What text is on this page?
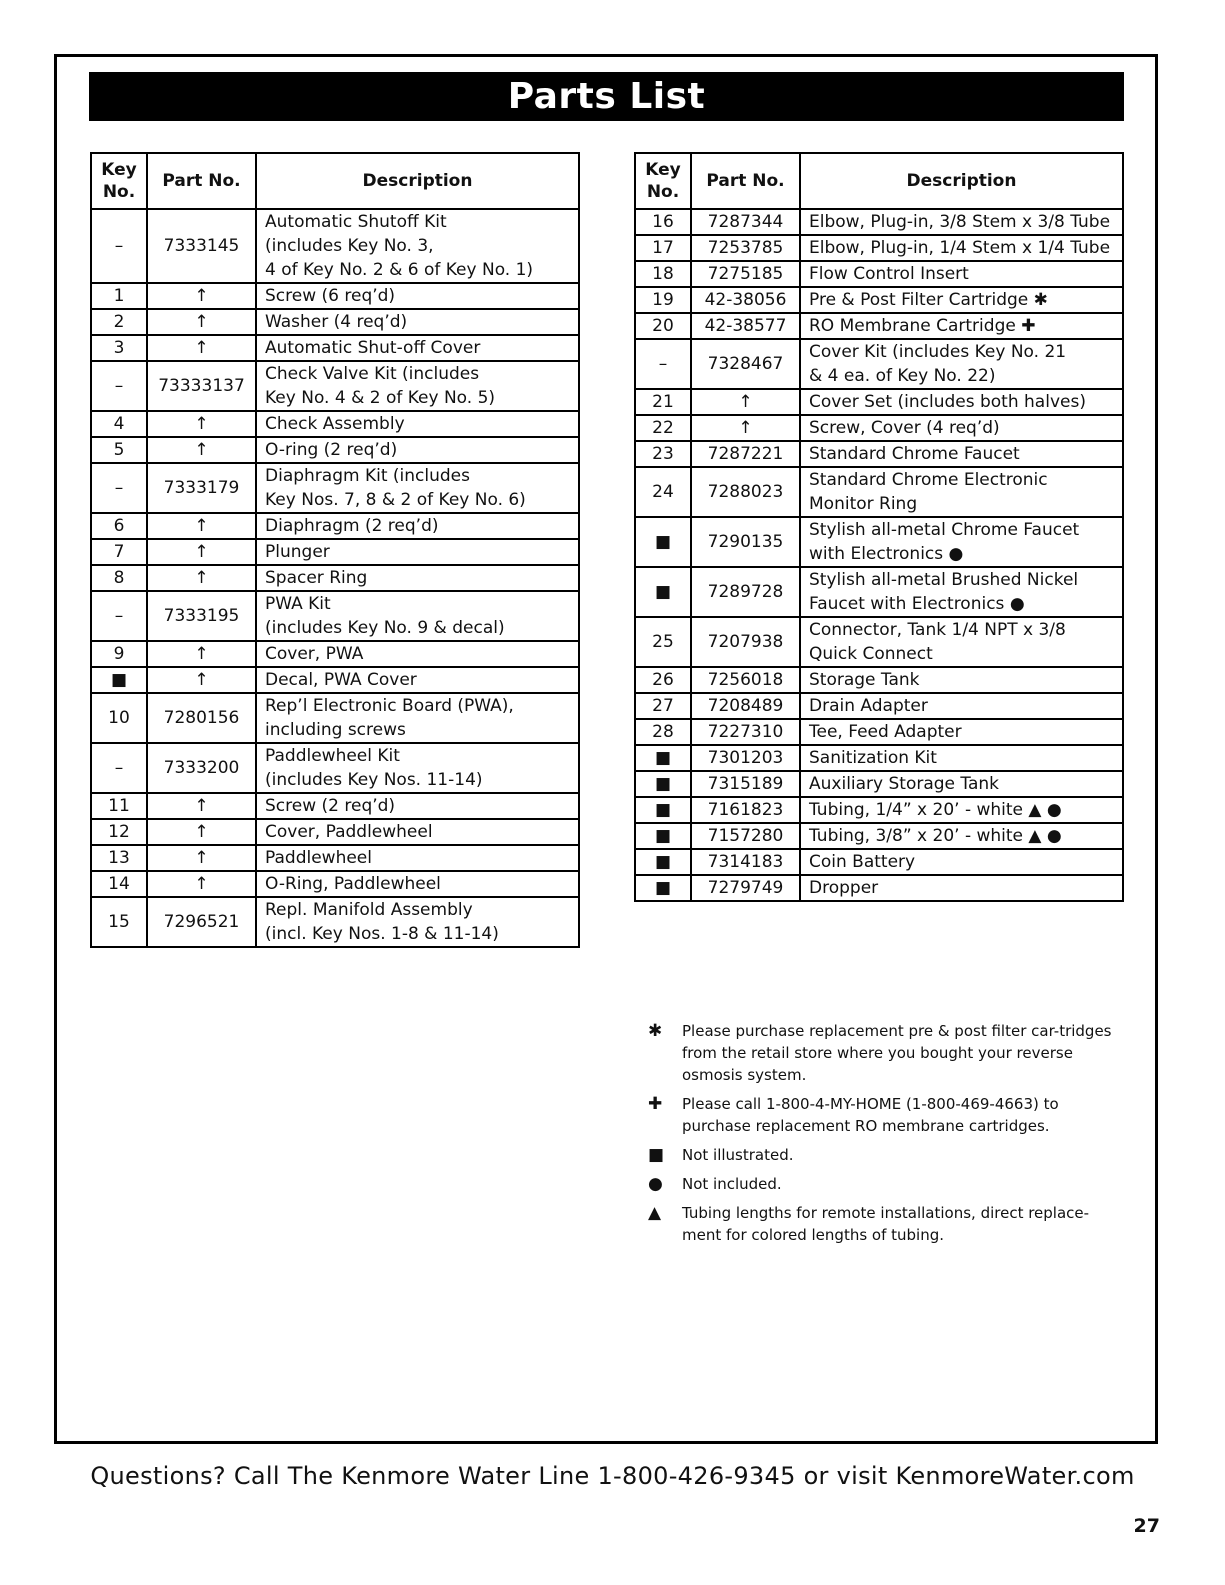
Parts List
Key
No.	Part No.	Description
–	7333145	Automatic Shutoff Kit
(includes Key No. 3,
4 of Key No. 2 & 6 of Key No. 1)
1	↑	Screw (6 req’d)
2	↑	Washer (4 req’d)
3	↑	Automatic Shut-off Cover
–	73333137	Check Valve Kit (includes
Key No. 4 & 2 of Key No. 5)
4	↑	Check Assembly
5	↑	O-ring (2 req’d)
–	7333179	Diaphragm Kit (includes
Key Nos. 7, 8 & 2 of Key No. 6)
6	↑	Diaphragm (2 req’d)
7	↑	Plunger
8	↑	Spacer Ring
–	7333195	PWA Kit
(includes Key No. 9 & decal)
9	↑	Cover, PWA
■	↑	Decal, PWA Cover
10	7280156	Rep’l Electronic Board (PWA),
including screws
–	7333200	Paddlewheel Kit
(includes Key Nos. 11-14)
11	↑	Screw (2 req’d)
12	↑	Cover, Paddlewheel
13	↑	Paddlewheel
14	↑	O-Ring, Paddlewheel
15	7296521	Repl. Manifold Assembly
(incl. Key Nos. 1-8 & 11-14)
Key
No.	Part No.	Description
16	7287344	Elbow, Plug-in, 3/8 Stem x 3/8 Tube
17	7253785	Elbow, Plug-in, 1/4 Stem x 1/4 Tube
18	7275185	Flow Control Insert
19	42-38056	Pre & Post Filter Cartridge ✱
20	42-38577	RO Membrane Cartridge ✚
–	7328467	Cover Kit (includes Key No. 21
& 4 ea. of Key No. 22)
21	↑	Cover Set (includes both halves)
22	↑	Screw, Cover (4 req’d)
23	7287221	Standard Chrome Faucet
24	7288023	Standard Chrome Electronic
Monitor Ring
■	7290135	Stylish all-metal Chrome Faucet
with Electronics ●
■	7289728	Stylish all-metal Brushed Nickel
Faucet with Electronics ●
25	7207938	Connector, Tank 1/4 NPT x 3/8
Quick Connect
26	7256018	Storage Tank
27	7208489	Drain Adapter
28	7227310	Tee, Feed Adapter
■	7301203	Sanitization Kit
■	7315189	Auxiliary Storage Tank
■	7161823	Tubing, 1/4” x 20’ - white ▲ ●
■	7157280	Tubing, 3/8” x 20’ - white ▲ ●
■	7314183	Coin Battery
■	7279749	Dropper
✱	Please purchase replacement pre & post filter car-tridges from the retail store where you bought your reverse osmosis system.
✚	Please call 1-800-4-MY-HOME (1-800-469-4663) to purchase replacement RO membrane cartridges.
■	Not illustrated.
●	Not included.
▲	Tubing lengths for remote installations, direct replace-ment for colored lengths of tubing.
Questions? Call The Kenmore Water Line 1-800-426-9345 or visit KenmoreWater.com
27
